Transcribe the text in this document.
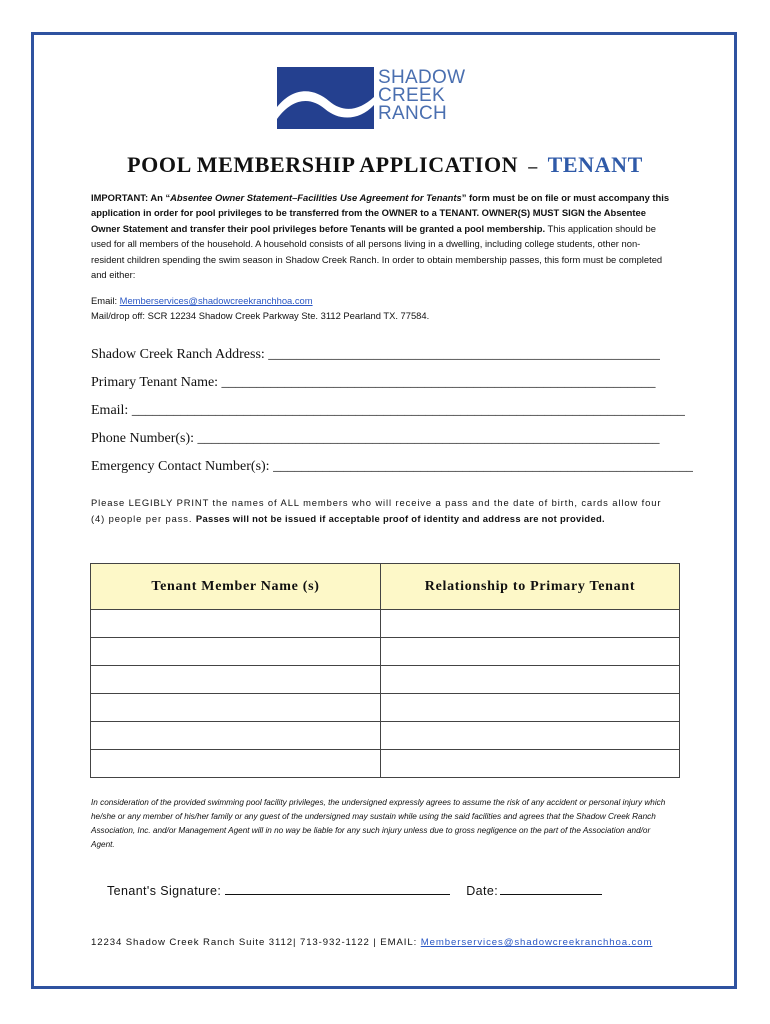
SHADOW
CREEK
RANCH
POOL MEMBERSHIP APPLICATION – TENANT
IMPORTANT: An “Absentee Owner Statement–Facilities Use Agreement for Tenants” form must be on file or must accompany this application in order for pool privileges to be transferred from the OWNER to a TENANT. OWNER(S) MUST SIGN the Absentee Owner Statement and transfer their pool privileges before Tenants will be granted a pool membership. This application should be used for all members of the household. A household consists of all persons living in a dwelling, including college students, other non-resident children spending the swim season in Shadow Creek Ranch. In order to obtain membership passes, this form must be completed and either:
Email: Memberservices@shadowcreekranchhoa.com
Mail/drop off: SCR 12234 Shadow Creek Parkway Ste. 3112 Pearland TX. 77584.
Shadow Creek Ranch Address: ________________________________________________________
Primary Tenant Name: ______________________________________________________________
Email: _______________________________________________________________________________
Phone Number(s): __________________________________________________________________
Emergency Contact Number(s): ____________________________________________________________
Please LEGIBLY PRINT the names of ALL members who will receive a pass and the date of birth, cards allow four (4) people per pass. Passes will not be issued if acceptable proof of identity and address are not provided.
Tenant Member Name (s)	Relationship to Primary Tenant

In consideration of the provided swimming pool facility privileges, the undersigned expressly agrees to assume the risk of any accident or personal injury which he/she or any member of his/her family or any guest of the undersigned may sustain while using the said facilities and agrees that the Shadow Creek Ranch Association, Inc. and/or Management Agent will in no way be liable for any such injury unless due to gross negligence on the part of the Association and/or Agent.
Tenant's Signature:	Date:
12234 Shadow Creek Ranch Suite 3112| 713-932-1122 | EMAIL: Memberservices@shadowcreekranchhoa.com
